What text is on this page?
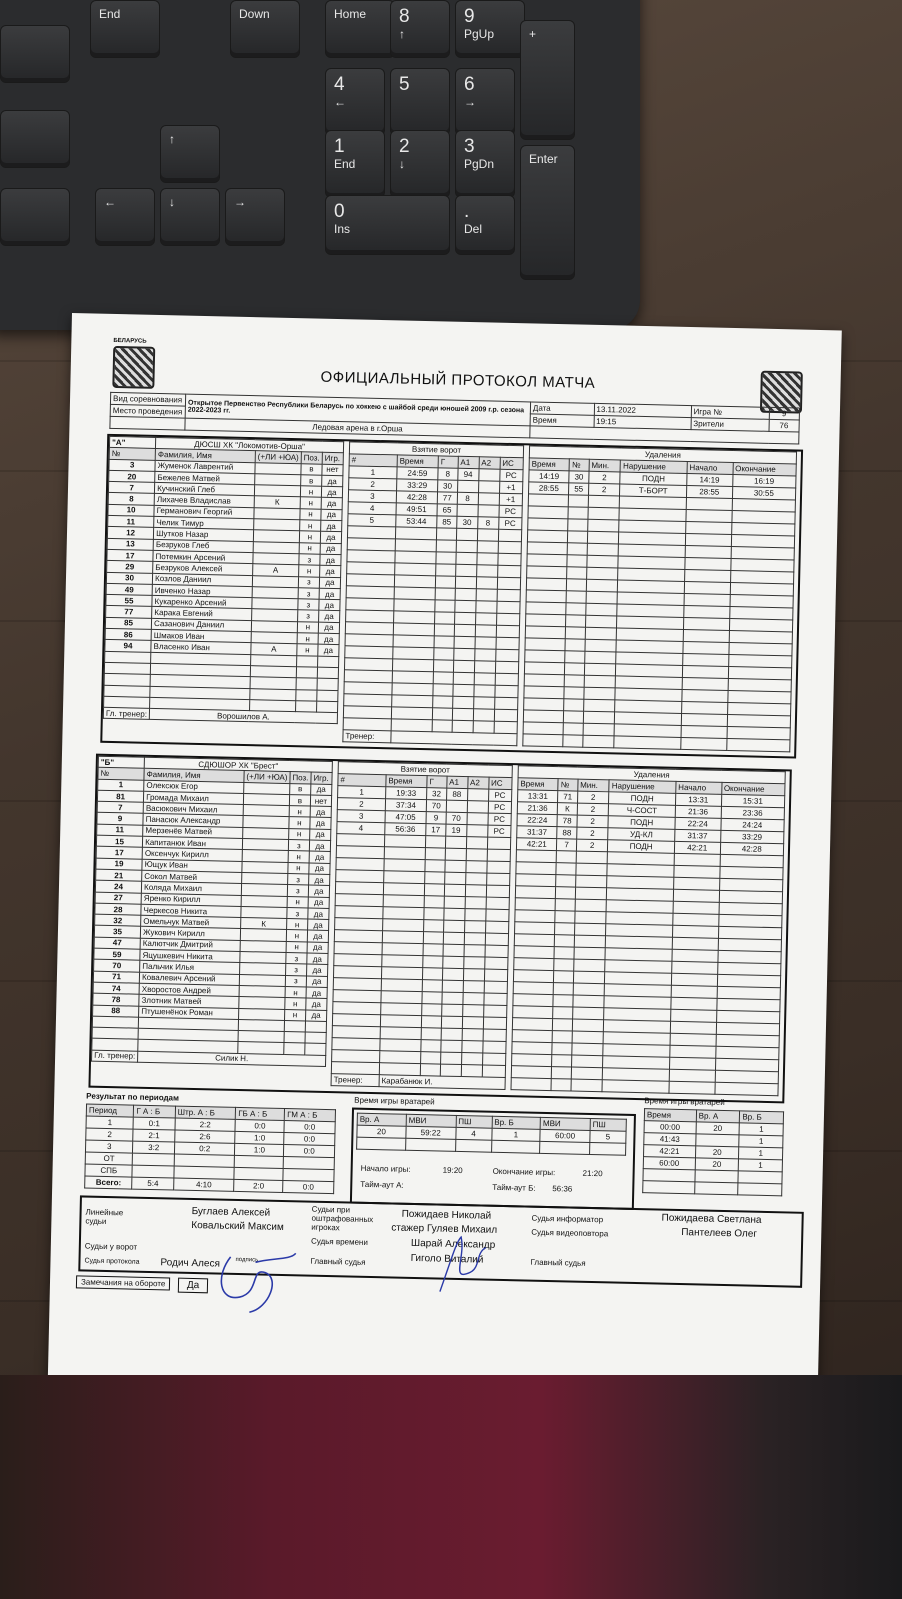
End	Down	Home	8
↑
9
PgUp	+
4
←
5	6
→
1
End
2
↓
3
PgDn	Enter
0
Ins
.
Del
↑
←	↓	→
БЕЛАРУСЬ
ОФИЦИАЛЬНЫЙ ПРОТОКОЛ МАТЧА
Вид соревнования	Открытое Первенство Республики Беларусь по хоккею с шайбой среди юношей 2009 г.р. сезона 2022-2023 гг.	Дата	13.11.2022	Игра №	9
Место проведения		Время	19:15	Зрители	76
	Ледовая арена в г.Орша				
"А"	ДЮСШ ХК "Локомотив-Орша"			
№	Фамилия, Имя	(+ЛИ +ЮА)	Поз.	Игр.
3	Жуменок Лаврентий		в	нет
20	Бежелев Матвей		в	да
7	Кучинский Глеб		н	да
8	Лихачев Владислав	К	н	да
10	Германович Георгий		н	да
11	Челик Тимур		н	да
12	Шутков Назар		н	да
13	Безруков Глеб		н	да
17	Потемкин Арсений		з	да
29	Безруков Алексей	А	н	да
30	Козлов Даниил		з	да
49	Ивченко Назар		з	да
55	Кукаренко Арсений		з	да
77	Карака Евгений		з	да
85	Сазанович Даниил		н	да
86	Шмаков Иван		н	да
94	Власенко Иван	А	н	да

Гл. тренер:	Ворошилов А.			
Взятие ворот					
#	Время	Г	А1	А2	ИС
1	24:59	8	94		PC
2	33:29	30			+1
3	42:28	77	8		+1
4	49:51	65			PC
5	53:44	85	30	8	PC

Тренер:					
Удаления					
Время	№	Мин.	Нарушение	Начало	Окончание
14:19	30	2	ПОДН	14:19	16:19
28:55	55	2	Т-БОРТ	28:55	30:55

"Б"	СДЮШОР ХК "Брест"			
№	Фамилия, Имя	(+ЛИ +ЮА)	Поз.	Игр.
1	Олексюк Егор		в	да
81	Громада Михаил		в	нет
7	Васюкович Михаил		н	да
9	Панасюк Александр		н	да
11	Мерзенёв Матвей		н	да
15	Капитанюк Иван		з	да
17	Оксенчук Кирилл		н	да
19	Ющук Иван		н	да
21	Сокол Матвей		з	да
24	Коляда Михаил		з	да
27	Яренко Кирилл		н	да
28	Черкесов Никита		з	да
32	Омельчук Матвей	К	н	да
35	Жукович Кирилл		н	да
47	Калютчик Дмитрий		н	да
59	Яцушкевич Никита		з	да
70	Пальчик Илья		з	да
71	Ковалевич Арсений		з	да
74	Хворостов Андрей		н	да
78	Злотник Матвей		н	да
88	Птушенёнок Роман		н	да

Гл. тренер:	Силик Н.			
Взятие ворот					
#	Время	Г	А1	А2	ИС
1	19:33	32	88		PC
2	37:34	70			PC
3	47:05	9	70		PC
4	56:36	17	19		PC

Тренер:	Карабанюк И.				
Удаления					
Время	№	Мин.	Нарушение	Начало	Окончание
13:31	71	2	ПОДН	13:31	15:31
21:36	К	2	Ч-СОСТ	21:36	23:36
22:24	78	2	ПОДН	22:24	24:24
31:37	88	2	УД-КЛ	31:37	33:29
42:21	7	2	ПОДН	42:21	42:28

Результат по периодам
Период	Г А : Б	Штр. А : Б	ГБ А : Б	ГМ А : Б
1	0:1	2:2	0:0	0:0
2	2:1	2:6	1:0	0:0
3	3:2	0:2	1:0	0:0
ОТ				
СПБ				
Всего:	5:4	4:10	2:0	0:0
Время игры вратарей
Вр. А	МВИ	ПШ	Вр. Б	МВИ	ПШ
20	59:22	4	1	60:00	5

Начало игры:	19:20	Окончание игры:	21:20
Тайм-аут А:	Тайм-аут Б: 56:36
Время игры вратарей
Время	Вр. А	Вр. Б
00:00	20	1
41:43		1
42:21	20	1
60:00	20	1

Линейные судьи
Буглаев Алексей
Ковальский Максим
Судьи у ворот
Судья протокола Родич Алеся	подпись
Судьи при оштрафованных игроках
Пожидаев Николай
стажер Гуляев Михаил
Судья времени	Шарай Александр
Главный судья	Гиголо Виталий
Судья информатор	Пожидаева Светлана
Судья видеоповтора	Пантелеев Олег
Главный судья
Замечания на обороте	Да
